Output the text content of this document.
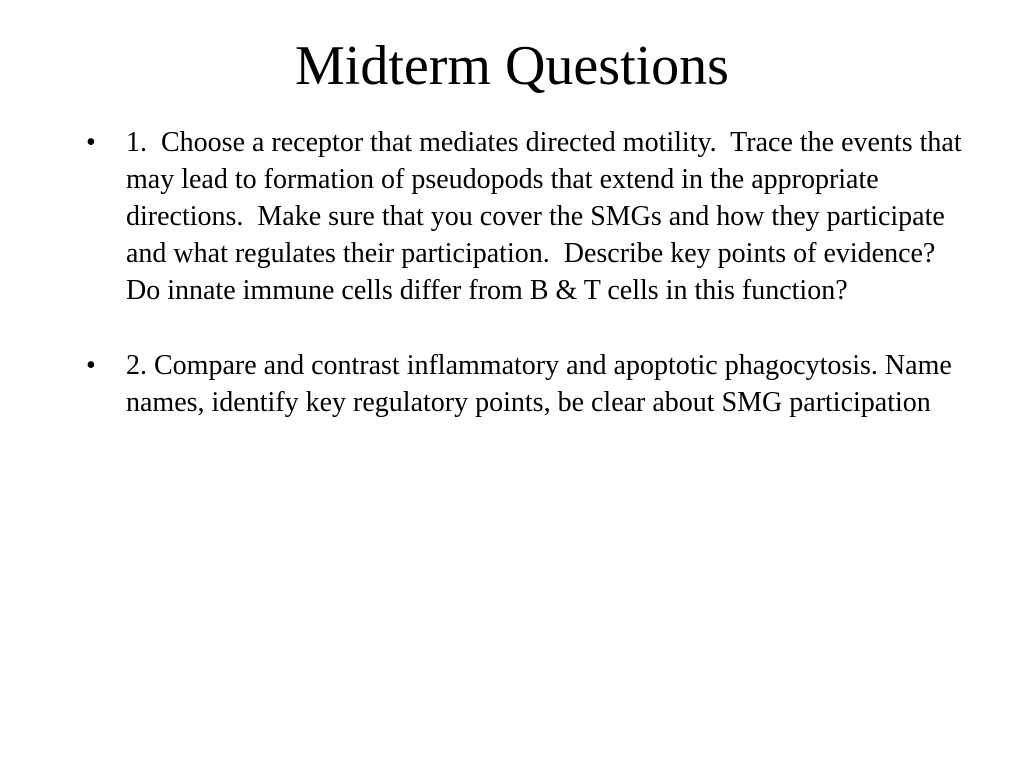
Midterm Questions
• 1.  Choose a receptor that mediates directed motility.  Trace the events that may lead to formation of pseudopods that extend in the appropriate directions.  Make sure that you cover the SMGs and how they participate and what regulates their participation.  Describe key points of evidence? Do innate immune cells differ from B & T cells in this function?
• 2. Compare and contrast inflammatory and apoptotic phagocytosis. Name names, identify key regulatory points, be clear about SMG participation
